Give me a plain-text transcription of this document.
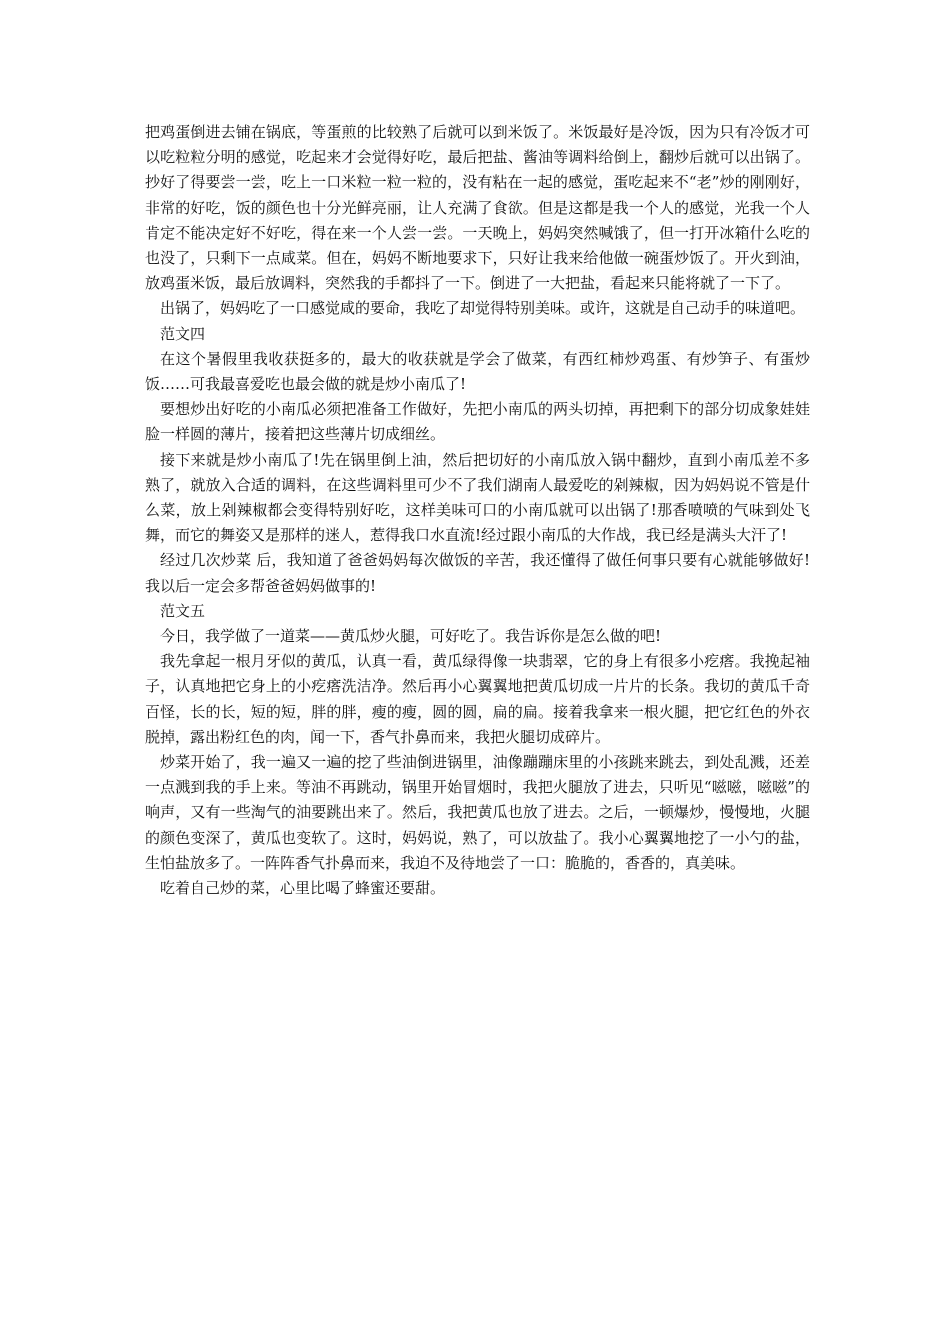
把鸡蛋倒进去铺在锅底，等蛋煎的比较熟了后就可以到米饭了。米饭最好是冷饭，因为只有冷饭才可以吃粒粒分明的感觉，吃起来才会觉得好吃，最后把盐、酱油等调料给倒上，翻炒后就可以出锅了。抄好了得要尝一尝，吃上一口米粒一粒一粒的，没有粘在一起的感觉，蛋吃起来不“老”炒的刚刚好，非常的好吃，饭的颜色也十分光鲜亮丽，让人充满了食欲。但是这都是我一个人的感觉，光我一个人肯定不能决定好不好吃，得在来一个人尝一尝。一天晚上，妈妈突然喊饿了，但一打开冰箱什么吃的也没了，只剩下一点咸菜。但在，妈妈不断地要求下，只好让我来给他做一碗蛋炒饭了。开火到油，放鸡蛋米饭，最后放调料，突然我的手都抖了一下。倒进了一大把盐，看起来只能将就了一下了。

出锅了，妈妈吃了一口感觉咸的要命，我吃了却觉得特别美味。或许，这就是自己动手的味道吧。

范文四

在这个暑假里我收获挺多的，最大的收获就是学会了做菜，有西红柿炒鸡蛋、有炒笋子、有蛋炒饭……可我最喜爱吃也最会做的就是炒小南瓜了!

要想炒出好吃的小南瓜必须把准备工作做好，先把小南瓜的两头切掉，再把剩下的部分切成象娃娃脸一样圆的薄片，接着把这些薄片切成细丝。

接下来就是炒小南瓜了!先在锅里倒上油，然后把切好的小南瓜放入锅中翻炒，直到小南瓜差不多熟了，就放入合适的调料，在这些调料里可少不了我们湖南人最爱吃的剁辣椒，因为妈妈说不管是什么菜，放上剁辣椒都会变得特别好吃，这样美味可口的小南瓜就可以出锅了!那香喷喷的气味到处飞舞，而它的舞姿又是那样的迷人，惹得我口水直流!经过跟小南瓜的大作战，我已经是满头大汗了!

经过几次炒菜 后，我知道了爸爸妈妈每次做饭的辛苦，我还懂得了做任何事只要有心就能够做好!我以后一定会多帮爸爸妈妈做事的!

范文五

今日，我学做了一道菜——黄瓜炒火腿，可好吃了。我告诉你是怎么做的吧!

我先拿起一根月牙似的黄瓜，认真一看，黄瓜绿得像一块翡翠，它的身上有很多小疙瘩。我挽起袖子，认真地把它身上的小疙瘩洗洁净。然后再小心翼翼地把黄瓜切成一片片的长条。我切的黄瓜千奇百怪，长的长，短的短，胖的胖，瘦的瘦，圆的圆，扁的扁。接着我拿来一根火腿，把它红色的外衣脱掉，露出粉红色的肉，闻一下，香气扑鼻而来，我把火腿切成碎片。

炒菜开始了，我一遍又一遍的挖了些油倒进锅里，油像蹦蹦床里的小孩跳来跳去，到处乱溅，还差一点溅到我的手上来。等油不再跳动，锅里开始冒烟时，我把火腿放了进去，只听见“嗞嗞，嗞嗞”的响声，又有一些淘气的油要跳出来了。然后，我把黄瓜也放了进去。之后，一顿爆炒，慢慢地，火腿的颜色变深了，黄瓜也变软了。这时，妈妈说，熟了，可以放盐了。我小心翼翼地挖了一小勺的盐，生怕盐放多了。一阵阵香气扑鼻而来，我迫不及待地尝了一口：脆脆的，香香的，真美味。

吃着自己炒的菜，心里比喝了蜂蜜还要甜。
